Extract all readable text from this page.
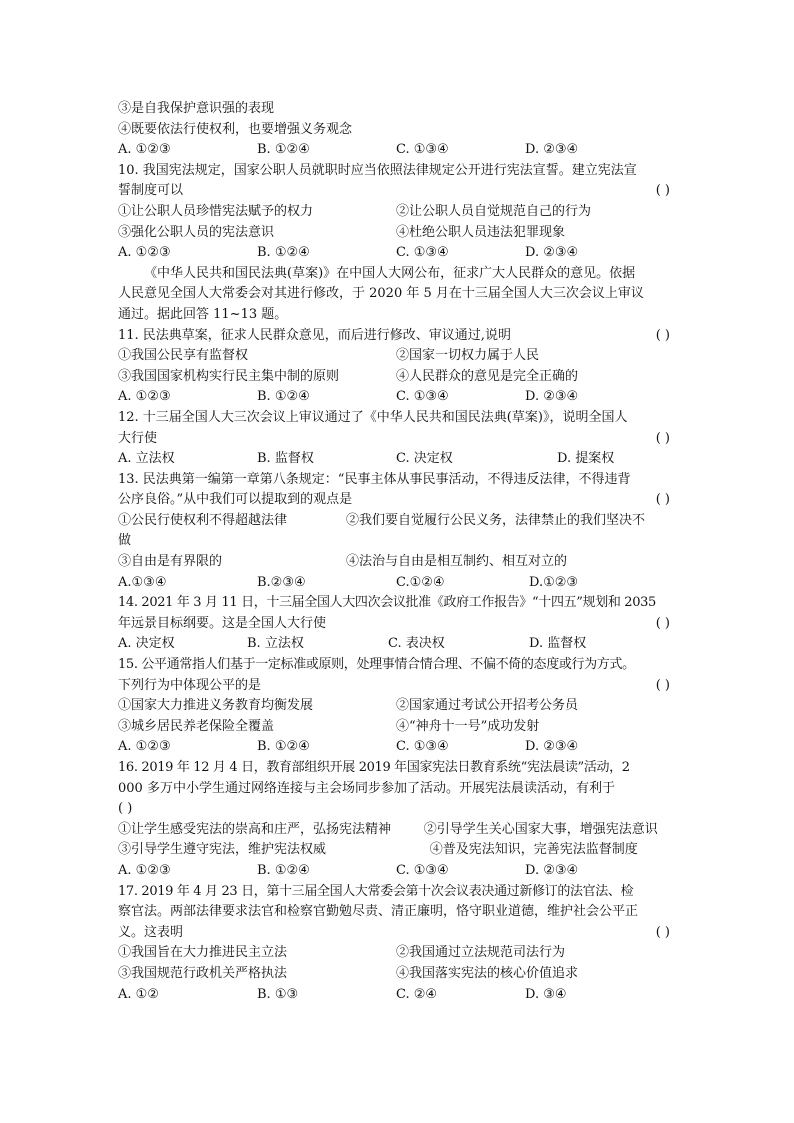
③是自我保护意识强的表现
④既要依法行使权利，也要增强义务观念
A. ①②③	B. ①②④	C. ①③④	D. ②③④
10. 我国宪法规定，国家公职人员就职时应当依照法律规定公开进行宪法宣誓。建立宪法宣
誓制度可以	( )
①让公职人员珍惜宪法赋予的权力	②让公职人员自觉规范自己的行为
③强化公职人员的宪法意识	④杜绝公职人员违法犯罪现象
A. ①②③	B. ①②④	C. ①③④	D. ②③④
《中华人民共和国民法典(草案)》在中国人大网公布，征求广大人民群众的意见。依据
人民意见全国人大常委会对其进行修改，于 2020 年 5 月在十三届全国人大三次会议上审议
通过。据此回答 11~13 题。
11. 民法典草案，征求人民群众意见，而后进行修改、审议通过,说明	( )
①我国公民享有监督权	②国家一切权力属于人民
③我国国家机构实行民主集中制的原则	④人民群众的意见是完全正确的
A. ①②③	B. ①②④	C. ①③④	D. ②③④
12. 十三届全国人大三次会议上审议通过了《中华人民共和国民法典(草案)》，说明全国人
大行使	( )
A. 立法权	B. 监督权	C. 决定权	D. 提案权
13. 民法典第一编第一章第八条规定：“民事主体从事民事活动，不得违反法律，不得违背
公序良俗。”从中我们可以提取到的观点是	( )
①公民行使权利不得超越法律	②我们要自觉履行公民义务，法律禁止的我们坚决不
做
③自由是有界限的	④法治与自由是相互制约、相互对立的
A.①③④	B.②③④	C.①②④	D.①②③
14. 2021 年 3 月 11 日，十三届全国人大四次会议批准《政府工作报告》“十四五”规划和 2035
年远景目标纲要。这是全国人大行使	( )
A. 决定权	B. 立法权	C. 表决权	D. 监督权
15. 公平通常指人们基于一定标准或原则，处理事情合情合理、不偏不倚的态度或行为方式。
下列行为中体现公平的是	( )
①国家大力推进义务教育均衡发展	②国家通过考试公开招考公务员
③城乡居民养老保险全覆盖	④“神舟十一号”成功发射
A. ①②③	B. ①②④	C. ①③④	D. ②③④
16. 2019 年 12 月 4 日，教育部组织开展 2019 年国家宪法日教育系统“宪法晨读”活动，2
000 多万中小学生通过网络连接与主会场同步参加了活动。开展宪法晨读活动，有利于
( )
①让学生感受宪法的崇高和庄严，弘扬宪法精神	②引导学生关心国家大事，增强宪法意识
③引导学生遵守宪法，维护宪法权威	④普及宪法知识，完善宪法监督制度
A. ①②③	B. ①②④	C. ①③④	D. ②③④
17. 2019 年 4 月 23 日，第十三届全国人大常委会第十次会议表决通过新修订的法官法、检
察官法。两部法律要求法官和检察官勤勉尽责、清正廉明，恪守职业道德，维护社会公平正
义。这表明	( )
①我国旨在大力推进民主立法	②我国通过立法规范司法行为
③我国规范行政机关严格执法	④我国落实宪法的核心价值追求
A. ①②	B. ①③	C. ②④	D. ③④
